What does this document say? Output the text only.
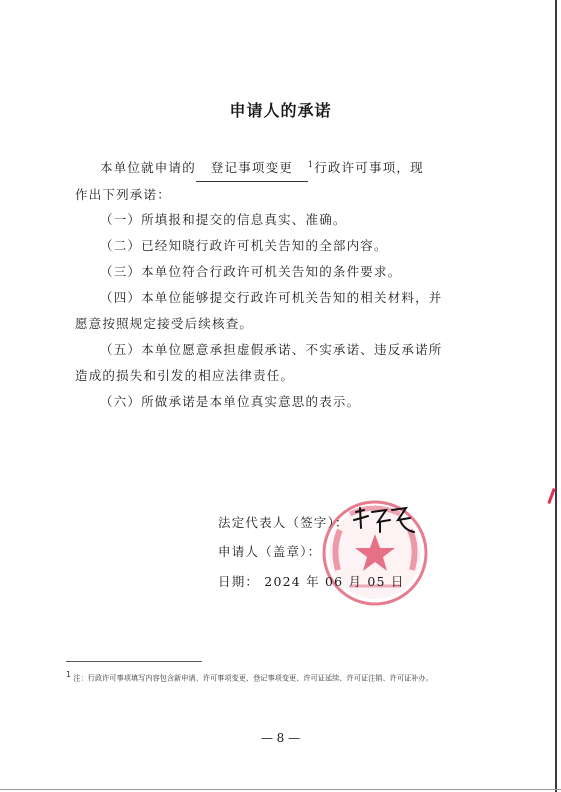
申请人的承诺
本单位就申请的 登记事项变更 $^1$行政许可事项，现
作出下列承诺：
（一）所填报和提交的信息真实、准确。
（二）已经知晓行政许可机关告知的全部内容。
（三）本单位符合行政许可机关告知的条件要求。
（四）本单位能够提交行政许可机关告知的相关材料，并
愿意按照规定接受后续核查。
（五）本单位愿意承担虚假承诺、不实承诺、违反承诺所
造成的损失和引发的相应法律责任。
（六）所做承诺是本单位真实意思的表示。
法定代表人（签字）：
申请人（盖章）：
日期： 2024 年 06 月 05 日
1 注：行政许可事项填写内容包含新申请、许可事项变更、登记事项变更、许可证延续、许可证注销、许可证补办。
— 8 —
